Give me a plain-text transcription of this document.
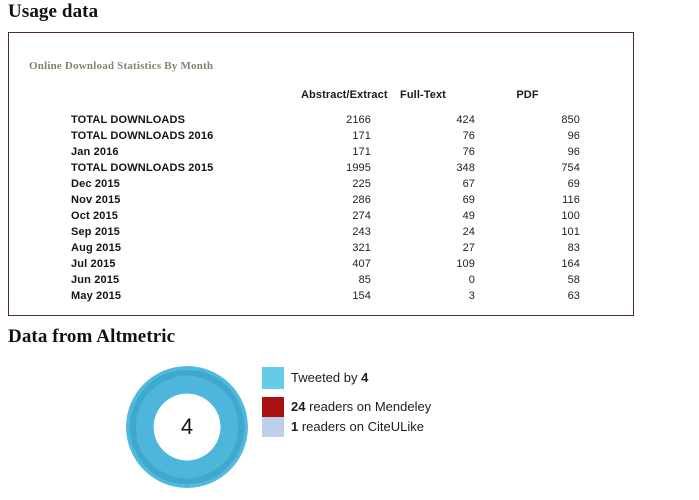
Usage data
Online Download Statistics By Month
	Abstract/Extract	Full-Text	PDF	
TOTAL DOWNLOADS	2166	424	850	
TOTAL DOWNLOADS 2016	171	76	96	
Jan 2016	171	76	96	
TOTAL DOWNLOADS 2015	1995	348	754	
Dec 2015	225	67	69	
Nov 2015	286	69	116	
Oct 2015	274	49	100	
Sep 2015	243	24	101	
Aug 2015	321	27	83	
Jul 2015	407	109	164	
Jun 2015	85	0	58	
May 2015	154	3	63	
Data from Altmetric
4
Tweeted by 4
24 readers on Mendeley
1 readers on CiteULike
